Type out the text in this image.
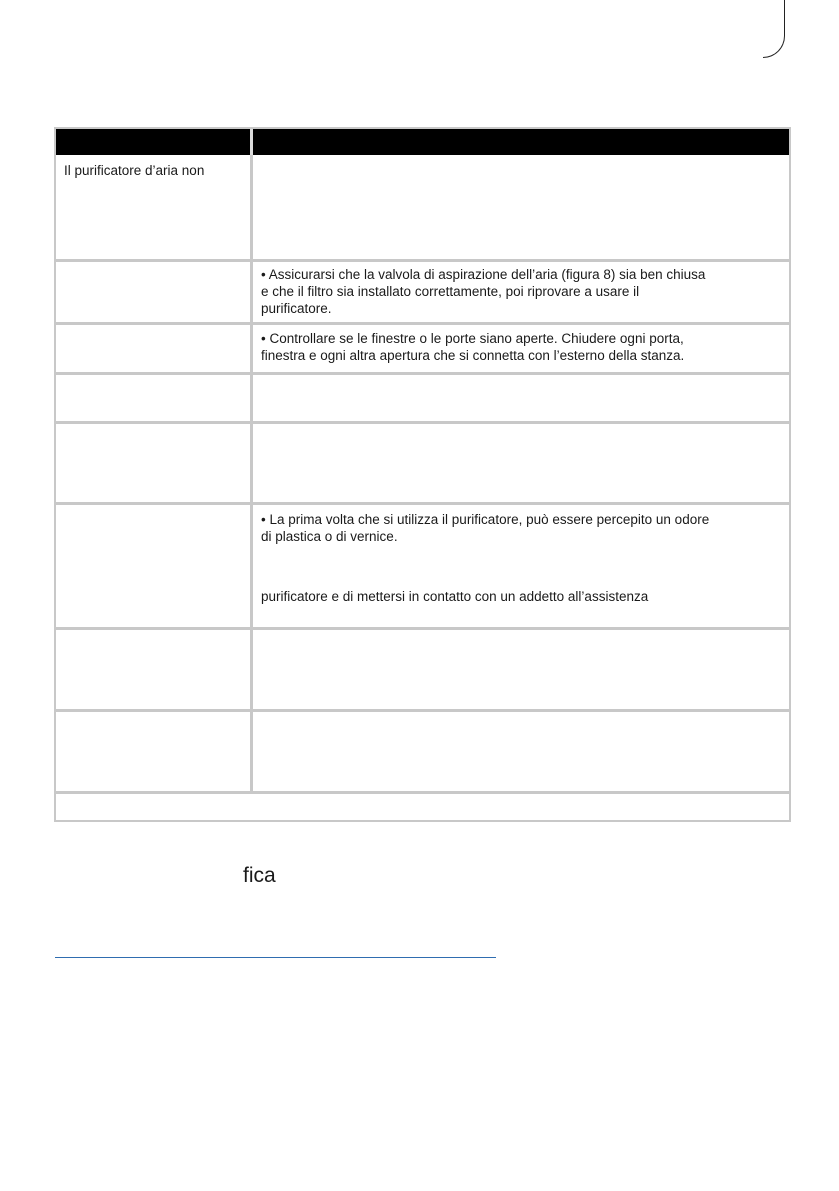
Il purificatore d’aria non
• Assicurarsi che la valvola di aspirazione dell’aria (figura 8) sia ben chiusa
e che il filtro sia installato correttamente, poi riprovare a usare il
purificatore.
• Controllare se le finestre o le porte siano aperte. Chiudere ogni porta,
finestra e ogni altra apertura che si connetta con l’esterno della stanza.
• La prima volta che si utilizza il purificatore, può essere percepito un odore
di plastica o di vernice.
purificatore e di mettersi in contatto con un addetto all’assistenza
fica
